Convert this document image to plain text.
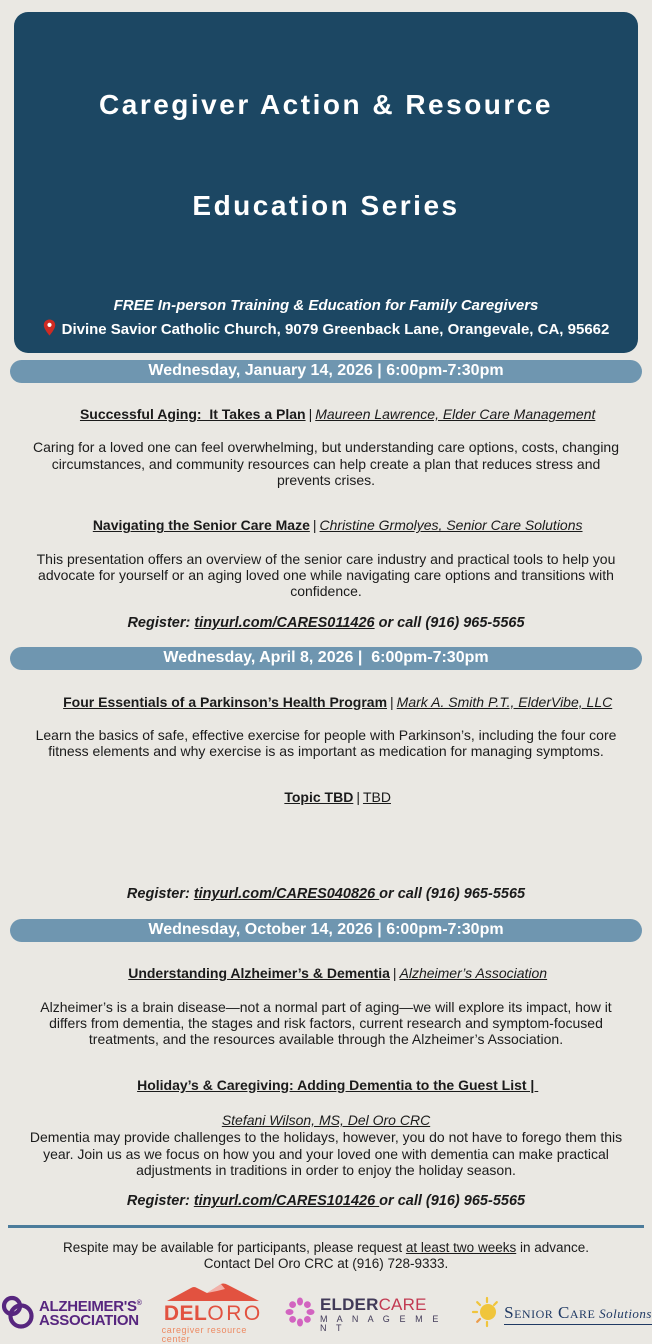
Caregiver Action & Resource

Education Series

FREE In-person Training & Education for Family Caregivers
Divine Savior Catholic Church, 9079 Greenback Lane, Orangevale, CA, 95662
Wednesday, January 14, 2026 | 6:00pm-7:30pm

Successful Aging:  It Takes a Plan | Maureen Lawrence, Elder Care Management

Caring for a loved one can feel overwhelming, but understanding care options, costs, changing circumstances, and community resources can help create a plan that reduces stress and prevents crises.

Navigating the Senior Care Maze | Christine Grmolyes, Senior Care Solutions

This presentation offers an overview of the senior care industry and practical tools to help you advocate for yourself or an aging loved one while navigating care options and transitions with confidence.
Register: tinyurl.com/CARES011426 or call (916) 965-5565
Wednesday, April 8, 2026 |  6:00pm-7:30pm

Four Essentials of a Parkinson’s Health Program | Mark A. Smith P.T., ElderVibe, LLC

Learn the basics of safe, effective exercise for people with Parkinson’s, including the four core fitness elements and why exercise is as important as medication for managing symptoms.

Topic TBD | TBD

Register: tinyurl.com/CARES040826 or call (916) 965-5565
Wednesday, October 14, 2026 | 6:00pm-7:30pm

Understanding Alzheimer’s & Dementia | Alzheimer’s Association

Alzheimer’s is a brain disease—not a normal part of aging—we will explore its impact, how it differs from dementia, the stages and risk factors, current research and symptom-focused treatments, and the resources available through the Alzheimer’s Association.

Holiday’s & Caregiving: Adding Dementia to the Guest List |

Stefani Wilson, MS, Del Oro CRC
Dementia may provide challenges to the holidays, however, you do not have to forego them this year. Join us as we focus on how you and your loved one with dementia can make practical adjustments in traditions in order to enjoy the holiday season.
Register: tinyurl.com/CARES101426 or call (916) 965-5565
Respite may be available for participants, please request at least two weeks in advance.
Contact Del Oro CRC at (916) 728-9333.
ALZHEIMER'S®
ASSOCIATION DELORO
caregiver resource center
ELDERCARE
M A N A G E M E N T
Senior Care Solutions
